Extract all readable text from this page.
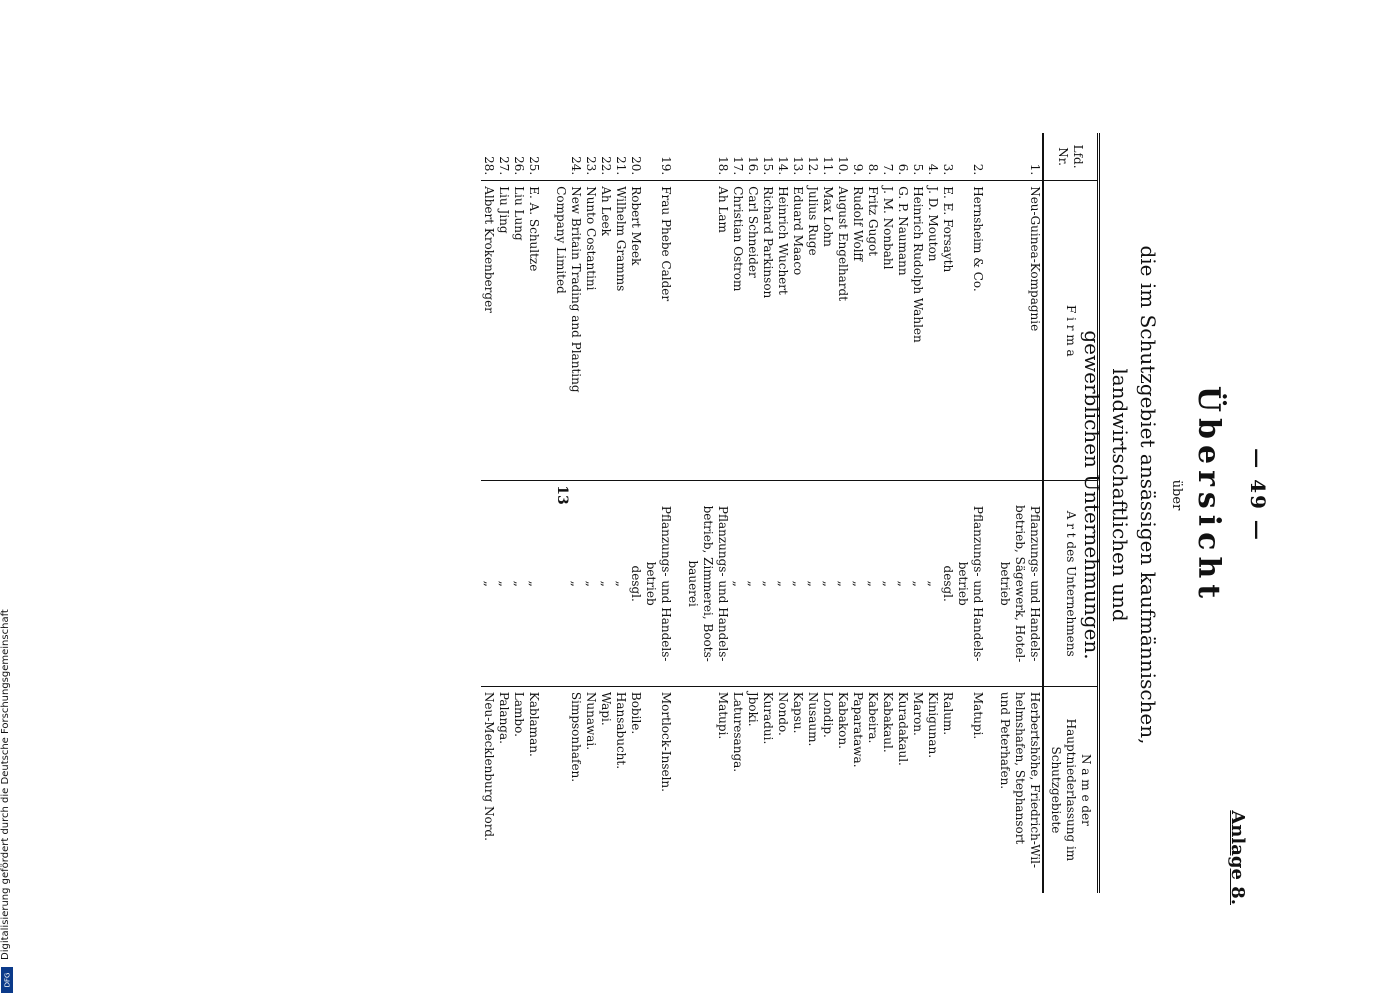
— 49 —
Anlage 8.
Übersicht
über
die im Schutzgebiet ansässigen kaufmännischen, landwirtschaftlichen und
gewerblichen Unternehmungen.
Lfd. Nr.	F i r m a	A r t des Unternehmens	N a m e der Hauptniederlassung im Schutzgebiete
1.	Neu-Guinea-Kompagnie	Pflanzungs- und Handels-	Herbertshöhe, Friedrich-Wil-
		betrieb, Sägewerk, Hotel-	helmshafen, Stephansort
		betrieb	und Peterhafen.

2.	Hernsheim & Co.	Pflanzungs- und Handels-	Matupi.
		betrieb	
3.	E. E. Forsayth	desgl.	Ralum.
4.	J. D. Mouton	„	Kinigunan.
5.	Heinrich Rudolph Wahlen	„	Maron.
6.	G. P. Naumann	„	Kuradakaul.
7.	J. M. Nonbahl	„	Kabakaul.
8.	Fritz Gugot	„	Kabeira.
9.	Rudolf Wolff	„	Paparatawa.
10.	August Engelhardt	„	Kabakon.
11.	Max Lohn	„	Londip.
12.	Julius Ruge	„	Nusaum.
13.	Eduard Maaco	„	Kapsu.
14.	Heinrich Wuchert	„	Nondo.
15.	Richard Parkinson	„	Kuradui.
16.	Carl Schneider	„	Jboki.
17.	Christian Ostrom	„	Laturesanga.
18.	Ah Lam	Pflanzungs- und Handels-	Matupi.
		betrieb, Zimmerei, Boots-	
		bauerei	

19.	Frau Phebe Calder	Pflanzungs- und Handels-	Mortlock-Inseln.
		betrieb	
20.	Robert Meek	desgl.	Bobile.
21.	Wilhelm Gramms	„	Hansabucht.
22.	Ah Leek	„	Wapi.
23.	Nunto Costantini	„	Nunawai.
24.	New Britain Trading and Planting	„	Simpsonhafen.
	Company Limited		

25.	E. A. Schultze	„	Kablaman.
26.	Liu Lung	„	Lambo.
27.	Liu Jing	„	Palanga.
28.	Albert Krokenberger	„	Neu-Mecklenburg Nord.
13
Digitalisierung gefördert durch die Deutsche Forschungsgemeinschaft
DFG
